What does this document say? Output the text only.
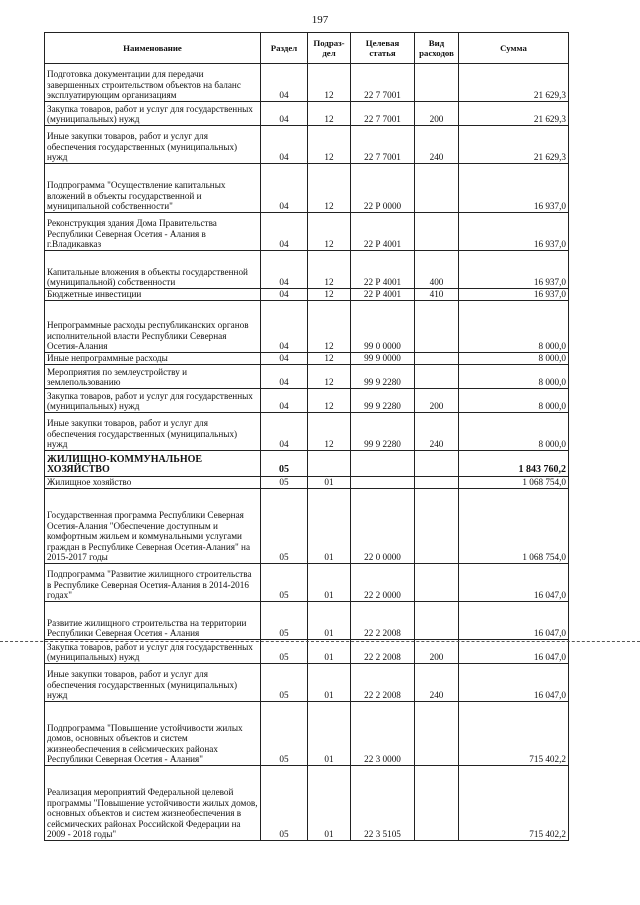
197
Наименование	Раздел	Подраз-дел	Целевая статья	Вид расходов	Сумма
Подготовка документации для передачи завершенных строительством объектов на баланс эксплуатирующим организациям	04	12	22 7 7001		21 629,3
Закупка товаров, работ и услуг для государственных (муниципальных) нужд	04	12	22 7 7001	200	21 629,3
Иные закупки товаров, работ и услуг для обеспечения государственных (муниципальных) нужд	04	12	22 7 7001	240	21 629,3
Подпрограмма "Осуществление капитальных вложений в объекты государственной и муниципальной собственности"	04	12	22 Р 0000		16 937,0
Реконструкция здания Дома Правительства Республики Северная Осетия - Алания в г.Владикавказ	04	12	22 Р 4001		16 937,0
Капитальные вложения в объекты государственной (муниципальной) собственности	04	12	22 Р 4001	400	16 937,0
Бюджетные инвестиции	04	12	22 Р 4001	410	16 937,0
Непрограммные расходы республиканских органов исполнительной власти Республики Северная Осетия-Алания	04	12	99 0 0000		8 000,0
Иные непрограммные расходы	04	12	99 9 0000		8 000,0
Мероприятия по землеустройству и землепользованию	04	12	99 9 2280		8 000,0
Закупка товаров, работ и услуг для государственных (муниципальных) нужд	04	12	99 9 2280	200	8 000,0
Иные закупки товаров, работ и услуг для обеспечения государственных (муниципальных) нужд	04	12	99 9 2280	240	8 000,0
ЖИЛИЩНО-КОММУНАЛЬНОЕ ХОЗЯЙСТВО	05				1 843 760,2
Жилищное хозяйство	05	01			1 068 754,0
Государственная программа Республики Северная Осетия-Алания "Обеспечение доступным и комфортным жильем и коммунальными услугами граждан в Республике Северная Осетия-Алания" на 2015-2017 годы	05	01	22 0 0000		1 068 754,0
Подпрограмма "Развитие жилищного строительства в Республике Северная Осетия-Алания в 2014-2016 годах"	05	01	22 2 0000		16 047,0
Развитие жилищного строительства на территории Республики Северная Осетия - Алания	05	01	22 2 2008		16 047,0
Закупка товаров, работ и услуг для государственных (муниципальных) нужд	05	01	22 2 2008	200	16 047,0
Иные закупки товаров, работ и услуг для обеспечения государственных (муниципальных) нужд	05	01	22 2 2008	240	16 047,0
Подпрограмма "Повышение устойчивости жилых домов, основных объектов и систем жизнеобеспечения в сейсмических районах Республики Северная Осетия - Алания"	05	01	22 3 0000		715 402,2
Реализация мероприятий Федеральной целевой программы "Повышение устойчивости жилых домов, основных объектов и систем жизнеобеспечения в сейсмических районах Российской Федерации на 2009 - 2018 годы"	05	01	22 3 5105		715 402,2
